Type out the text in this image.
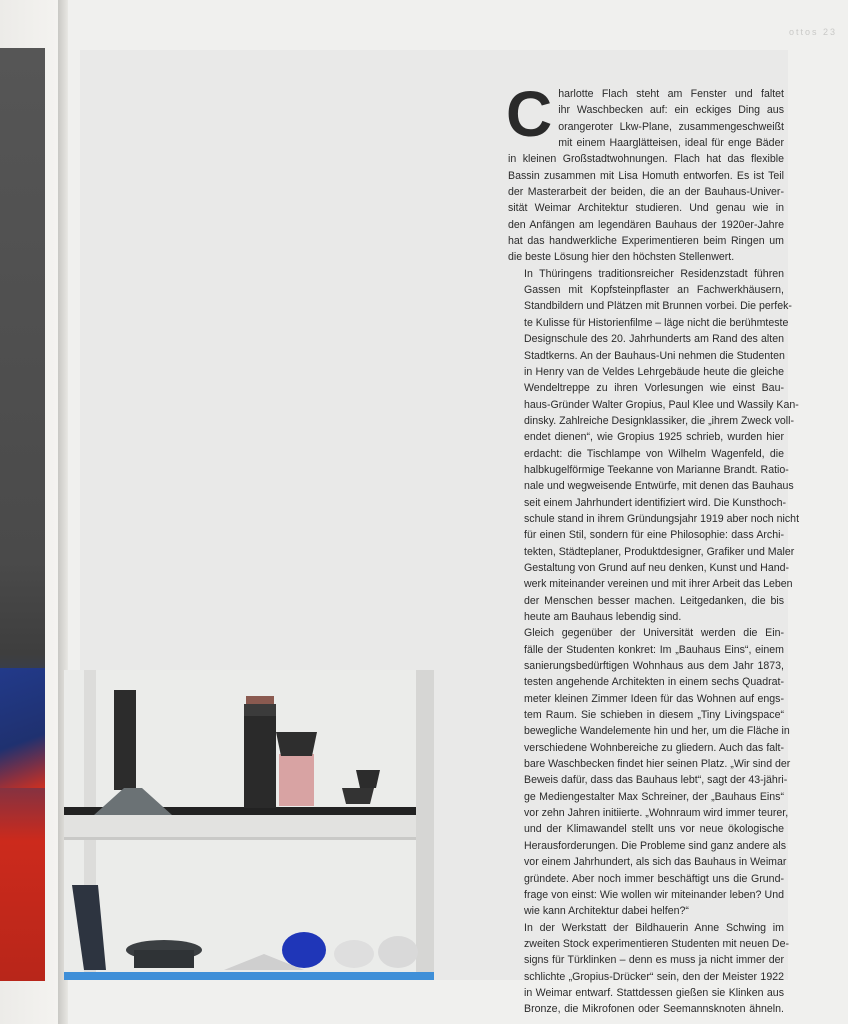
ottos 23

C harlotte Flach steht am Fenster und faltet
ihr Waschbecken auf: ein eckiges Ding aus
orangeroter Lkw-Plane, zusammengeschweißt
mit einem Haarglätteisen, ideal für enge Bäder
in kleinen Großstadtwohnungen. Flach hat das flexible
Bassin zusammen mit Lisa Homuth entworfen. Es ist Teil
der Masterarbeit der beiden, die an der Bauhaus-Univer-
sität Weimar Architektur studieren. Und genau wie in
den Anfängen am legendären Bauhaus der 1920er-Jahre
hat das handwerkliche Experimentieren beim Ringen um
die beste Lösung hier den höchsten Stellenwert.

In Thüringens traditionsreicher Residenzstadt führen
Gassen mit Kopfsteinpflaster an Fachwerkhäusern,
Standbildern und Plätzen mit Brunnen vorbei. Die perfek-
te Kulisse für Historienfilme – läge nicht die berühmteste
Designschule des 20. Jahrhunderts am Rand des alten
Stadtkerns. An der Bauhaus-Uni nehmen die Studenten
in Henry van de Veldes Lehrgebäude heute die gleiche
Wendeltreppe zu ihren Vorlesungen wie einst Bau-
haus-Gründer Walter Gropius, Paul Klee und Wassily Kan-
dinsky. Zahlreiche Designklassiker, die „ihrem Zweck voll-
endet dienen“, wie Gropius 1925 schrieb, wurden hier
erdacht: die Tischlampe von Wilhelm Wagenfeld, die
halbkugelförmige Teekanne von Marianne Brandt. Ratio-
nale und wegweisende Entwürfe, mit denen das Bauhaus
seit einem Jahrhundert identifiziert wird. Die Kunsthoch-
schule stand in ihrem Gründungsjahr 1919 aber noch nicht
für einen Stil, sondern für eine Philosophie: dass Archi-
tekten, Städteplaner, Produktdesigner, Grafiker und Maler
Gestaltung von Grund auf neu denken, Kunst und Hand-
werk miteinander vereinen und mit ihrer Arbeit das Leben
der Menschen besser machen. Leitgedanken, die bis
heute am Bauhaus lebendig sind.

Gleich gegenüber der Universität werden die Ein-
fälle der Studenten konkret: Im „Bauhaus Eins“, einem
sanierungsbedürftigen Wohnhaus aus dem Jahr 1873,
testen angehende Architekten in einem sechs Quadrat-
meter kleinen Zimmer Ideen für das Wohnen auf engs-
tem Raum. Sie schieben in diesem „Tiny Livingspace“
bewegliche Wandelemente hin und her, um die Fläche in
verschiedene Wohnbereiche zu gliedern. Auch das falt-
bare Waschbecken findet hier seinen Platz. „Wir sind der
Beweis dafür, dass das Bauhaus lebt“, sagt der 43-jähri-
ge Mediengestalter Max Schreiner, der „Bauhaus Eins“
vor zehn Jahren initiierte. „Wohnraum wird immer teurer,
und der Klimawandel stellt uns vor neue ökologische
Herausforderungen. Die Probleme sind ganz andere als
vor einem Jahrhundert, als sich das Bauhaus in Weimar
gründete. Aber noch immer beschäftigt uns die Grund-
frage von einst: Wie wollen wir miteinander leben? Und
wie kann Architektur dabei helfen?“

In der Werkstatt der Bildhauerin Anne Schwing im
zweiten Stock experimentieren Studenten mit neuen De-
signs für Türklinken – denn es muss ja nicht immer der
schlichte „Gropius-Drücker“ sein, den der Meister 1922
in Weimar entwarf. Stattdessen gießen sie Klinken aus
Bronze, die Mikrofonen oder Seemannsknoten ähneln.
